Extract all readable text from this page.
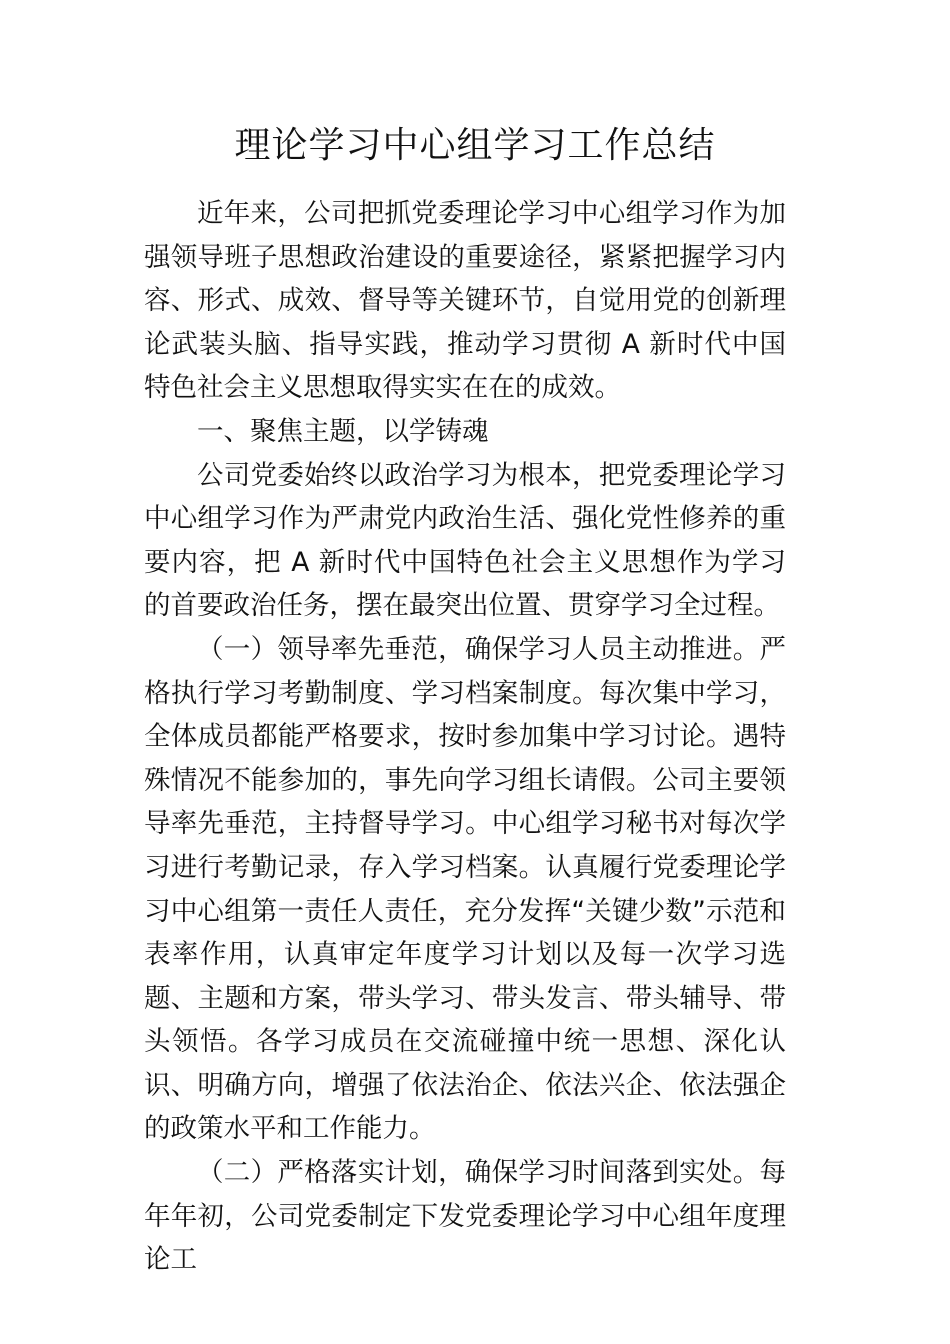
理论学习中心组学习工作总结

近年来，公司把抓党委理论学习中心组学习作为加强领导班子思想政治建设的重要途径，紧紧把握学习内容、形式、成效、督导等关键环节，自觉用党的创新理论武装头脑、指导实践，推动学习贯彻 A 新时代中国特色社会主义思想取得实实在在的成效。

一、聚焦主题，以学铸魂

公司党委始终以政治学习为根本，把党委理论学习中心组学习作为严肃党内政治生活、强化党性修养的重要内容，把 A 新时代中国特色社会主义思想作为学习的首要政治任务，摆在最突出位置、贯穿学习全过程。

（一）领导率先垂范，确保学习人员主动推进。严格执行学习考勤制度、学习档案制度。每次集中学习，全体成员都能严格要求，按时参加集中学习讨论。遇特殊情况不能参加的，事先向学习组长请假。公司主要领导率先垂范，主持督导学习。中心组学习秘书对每次学习进行考勤记录，存入学习档案。认真履行党委理论学习中心组第一责任人责任，充分发挥“关键少数”示范和表率作用，认真审定年度学习计划以及每一次学习选题、主题和方案，带头学习、带头发言、带头辅导、带头领悟。各学习成员在交流碰撞中统一思想、深化认识、明确方向，增强了依法治企、依法兴企、依法强企的政策水平和工作能力。

（二）严格落实计划，确保学习时间落到实处。每年年初，公司党委制定下发党委理论学习中心组年度理论工
